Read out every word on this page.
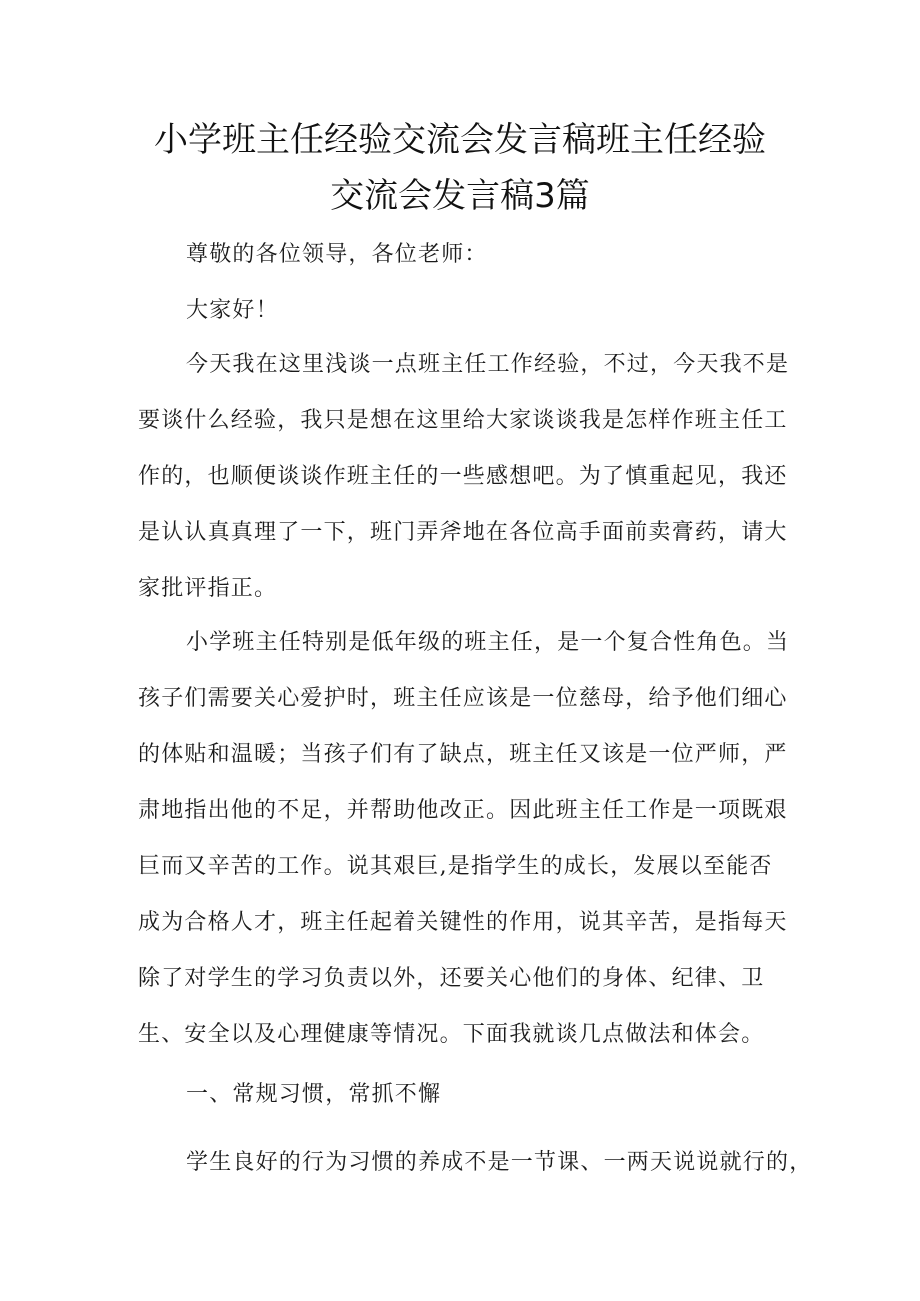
小学班主任经验交流会发言稿班主任经验
交流会发言稿3篇
尊敬的各位领导，各位老师：
大家好！
今天我在这里浅谈一点班主任工作经验，不过，今天我不是
要谈什么经验，我只是想在这里给大家谈谈我是怎样作班主任工
作的，也顺便谈谈作班主任的一些感想吧。为了慎重起见，我还
是认认真真理了一下，班门弄斧地在各位高手面前卖膏药，请大
家批评指正。
小学班主任特别是低年级的班主任，是一个复合性角色。当
孩子们需要关心爱护时，班主任应该是一位慈母，给予他们细心
的体贴和温暖；当孩子们有了缺点，班主任又该是一位严师，严
肃地指出他的不足，并帮助他改正。因此班主任工作是一项既艰
巨而又辛苦的工作。说其艰巨,是指学生的成长，发展以至能否
成为合格人才，班主任起着关键性的作用，说其辛苦，是指每天
除了对学生的学习负责以外，还要关心他们的身体、纪律、卫
生、安全以及心理健康等情况。下面我就谈几点做法和体会。
一、常规习惯，常抓不懈
学生良好的行为习惯的养成不是一节课、一两天说说就行的，
